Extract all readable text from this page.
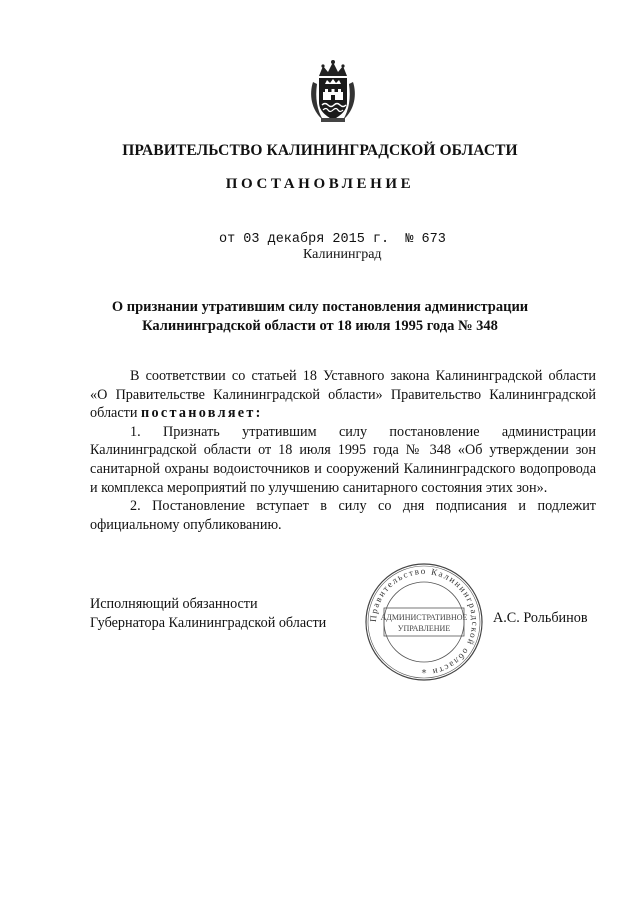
ПРАВИТЕЛЬСТВО КАЛИНИНГРАДСКОЙ ОБЛАСТИ
ПОСТАНОВЛЕНИЕ
от 03 декабря 2015 г.  № 673
Калининград
О признании утратившим силу постановления администрации
Калининградской области от 18 июля 1995 года № 348

В соответствии со статьей 18 Уставного закона Калининградской области «О Правительстве Калининградской области» Правительство Калининградской области постановляет:

1. Признать утратившим силу постановление администрации Калининградской области от 18 июля 1995 года № 348 «Об утверждении зон санитарной охраны водоисточников и сооружений Калининградского водопровода и комплекса мероприятий по улучшению санитарного состояния этих зон».

2. Постановление вступает в силу со дня подписания и подлежит официальному опубликованию.

Исполняющий обязанности
Губернатора Калининградской области	Правительство Калининградской области
АДМИНИСТРАТИВНОЕ
УПРАВЛЕНИЕ
*
А.С. Рольбинов
